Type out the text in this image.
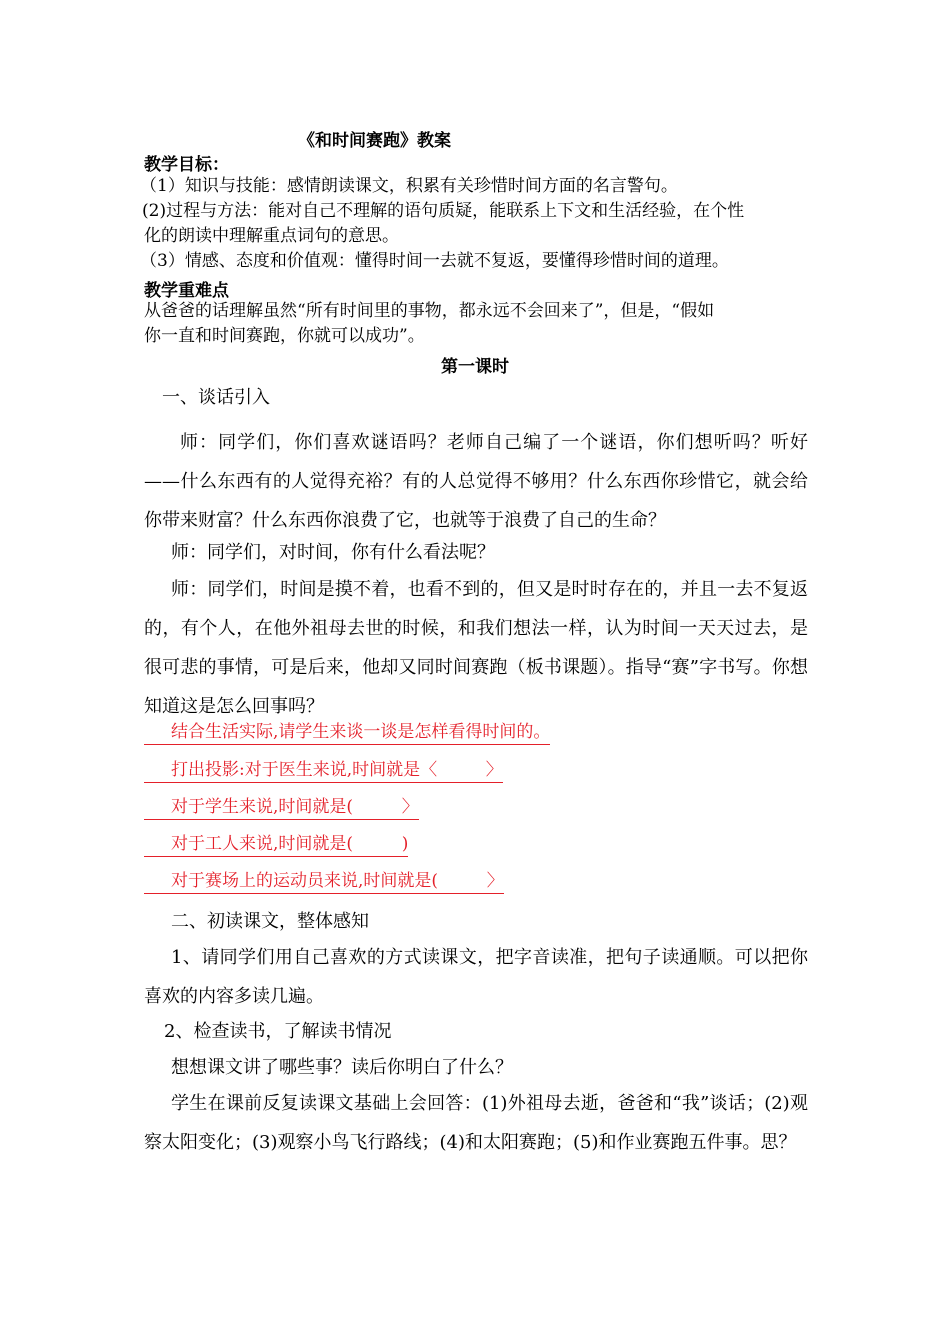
《和时间赛跑》教案
教学目标：
（1）知识与技能：感情朗读课文，积累有关珍惜时间方面的名言警句。
(2)过程与方法：能对自己不理解的语句质疑，能联系上下文和生活经验，在个性
化的朗读中理解重点词句的意思。
（3）情感、态度和价值观：懂得时间一去就不复返，要懂得珍惜时间的道理。
教学重难点
从爸爸的话理解虽然“所有时间里的事物，都永远不会回来了”，但是，“假如
你一直和时间赛跑，你就可以成功”。
第一课时
一、谈话引入
师：同学们，你们喜欢谜语吗？老师自己编了一个谜语，你们想听吗？听好——什么东西有的人觉得充裕？有的人总觉得不够用？什么东西你珍惜它，就会给你带来财富？什么东西你浪费了它，也就等于浪费了自己的生命？
师：同学们，对时间，你有什么看法呢？
师：同学们，时间是摸不着，也看不到的，但又是时时存在的，并且一去不复返的，有个人，在他外祖母去世的时候，和我们想法一样，认为时间一天天过去，是很可悲的事情，可是后来，他却又同时间赛跑（板书课题）。指导“赛”字书写。你想知道这是怎么回事吗？
结合生活实际,请学生来谈一谈是怎样看得时间的。
打出投影:对于医生来说,时间就是〈         〉
对于学生来说,时间就是(         〉
对于工人来说,时间就是(         )
对于赛场上的运动员来说,时间就是(         〉
二、初读课文，整体感知
1、请同学们用自己喜欢的方式读课文，把字音读准，把句子读通顺。可以把你喜欢的内容多读几遍。
2、检查读书，了解读书情况
想想课文讲了哪些事？读后你明白了什么？
学生在课前反复读课文基础上会回答：(1)外祖母去逝，爸爸和“我”谈话；(2)观察太阳变化；(3)观察小鸟飞行路线；(4)和太阳赛跑；(5)和作业赛跑五件事。思？
